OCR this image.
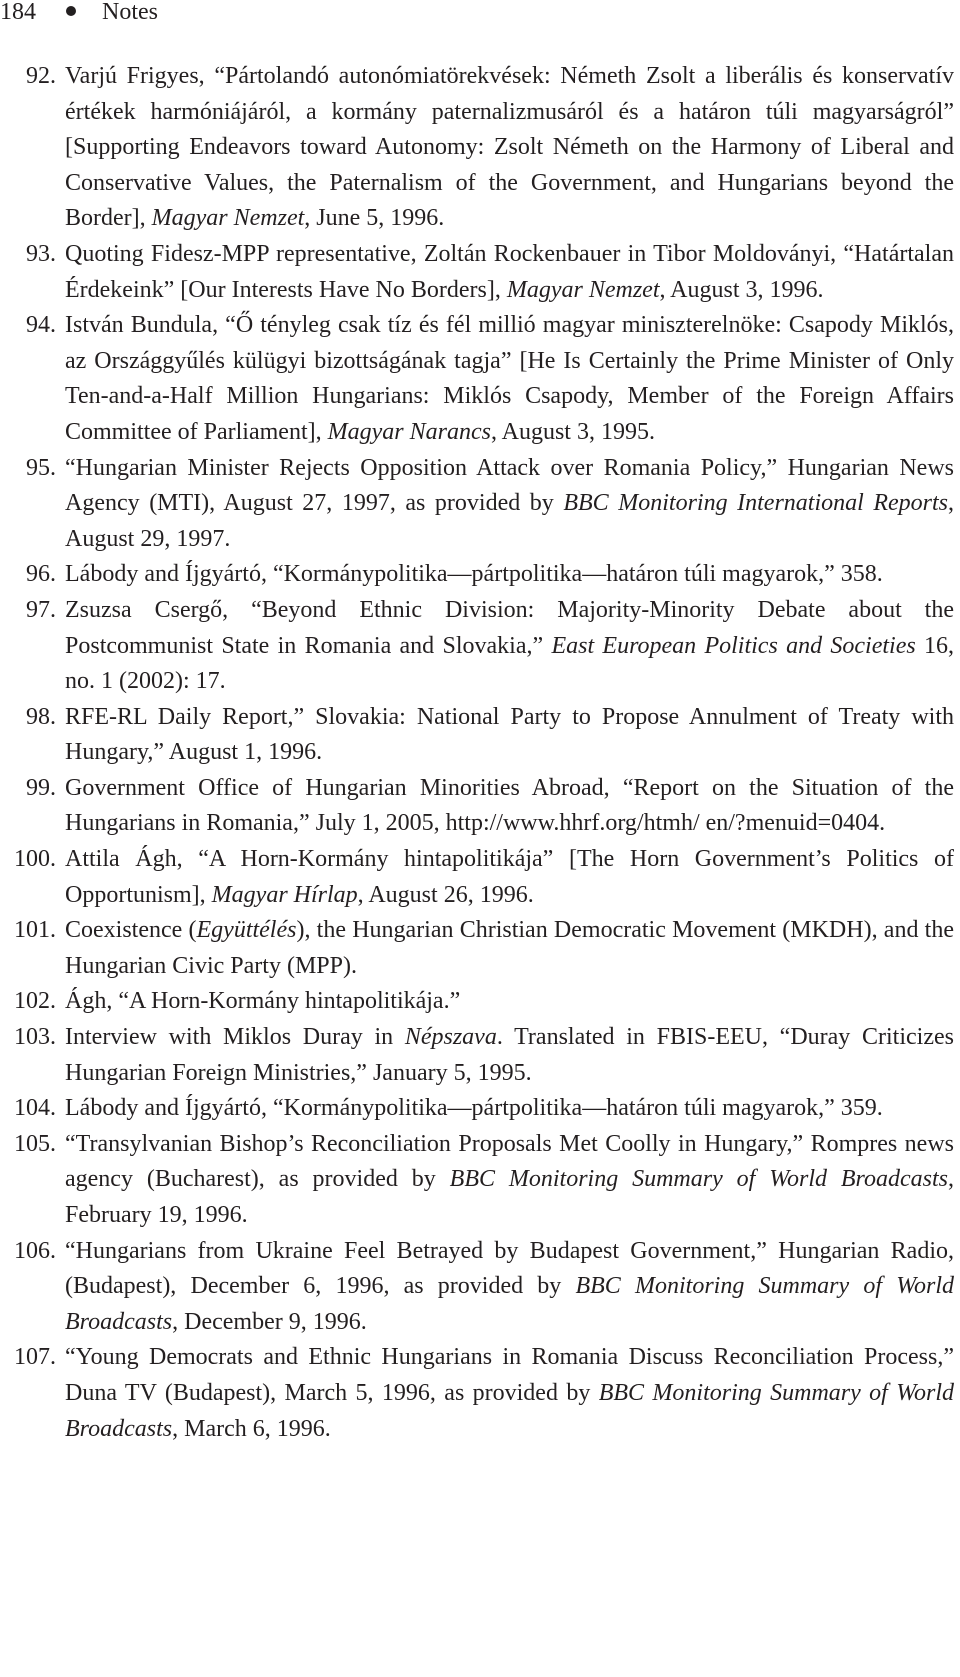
184	Notes
92. Varjú Frigyes, “Pártolandó autonómiatörekvések: Németh Zsolt a liberális és konservatív értékek harmóniájáról, a kormány paternalizmusáról és a határon túli magyarságról” [Supporting Endeavors toward Autonomy: Zsolt Németh on the Harmony of Liberal and Conservative Values, the Paternalism of the Government, and Hungarians beyond the Border], Magyar Nemzet, June 5, 1996.
93. Quoting Fidesz-MPP representative, Zoltán Rockenbauer in Tibor Moldoványi, “Határtalan Érdekeink” [Our Interests Have No Borders], Magyar Nemzet, August 3, 1996.
94. István Bundula, “Ő tényleg csak tíz és fél millió magyar miniszterelnöke: Csapody Miklós, az Országgyűlés külügyi bizottságának tagja” [He Is Certainly the Prime Minister of Only Ten-and-a-Half Million Hungarians: Miklós Csapody, Member of the Foreign Affairs Committee of Parliament], Magyar Narancs, August 3, 1995.
95. “Hungarian Minister Rejects Opposition Attack over Romania Policy,” Hungarian News Agency (MTI), August 27, 1997, as provided by BBC Monitoring International Reports, August 29, 1997.
96. Lábody and Íjgyártó, “Kormánypolitika—pártpolitika—határon túli magyarok,” 358.
97. Zsuzsa Csergő, “Beyond Ethnic Division: Majority-Minority Debate about the Postcommunist State in Romania and Slovakia,” East European Politics and Societies 16, no. 1 (2002): 17.
98. RFE-RL Daily Report,” Slovakia: National Party to Propose Annulment of Treaty with Hungary,” August 1, 1996.
99. Government Office of Hungarian Minorities Abroad, “Report on the Situation of the Hungarians in Romania,” July 1, 2005, http://www.hhrf.org/htmh/ en/?menuid=0404.
100. Attila Ágh, “A Horn-Kormány hintapolitikája” [The Horn Government’s Politics of Opportunism], Magyar Hírlap, August 26, 1996.
101. Coexistence (Együttélés), the Hungarian Christian Democratic Movement (MKDH), and the Hungarian Civic Party (MPP).
102. Ágh, “A Horn-Kormány hintapolitikája.”
103. Interview with Miklos Duray in Népszava. Translated in FBIS-EEU, “Duray Criticizes Hungarian Foreign Ministries,” January 5, 1995.
104. Lábody and Íjgyártó, “Kormánypolitika—pártpolitika—határon túli magyarok,” 359.
105. “Transylvanian Bishop’s Reconciliation Proposals Met Coolly in Hungary,” Rompres news agency (Bucharest), as provided by BBC Monitoring Summary of World Broadcasts, February 19, 1996.
106. “Hungarians from Ukraine Feel Betrayed by Budapest Government,” Hungarian Radio, (Budapest), December 6, 1996, as provided by BBC Monitoring Summary of World Broadcasts, December 9, 1996.
107. “Young Democrats and Ethnic Hungarians in Romania Discuss Reconciliation Process,” Duna TV (Budapest), March 5, 1996, as provided by BBC Monitoring Summary of World Broadcasts, March 6, 1996.
